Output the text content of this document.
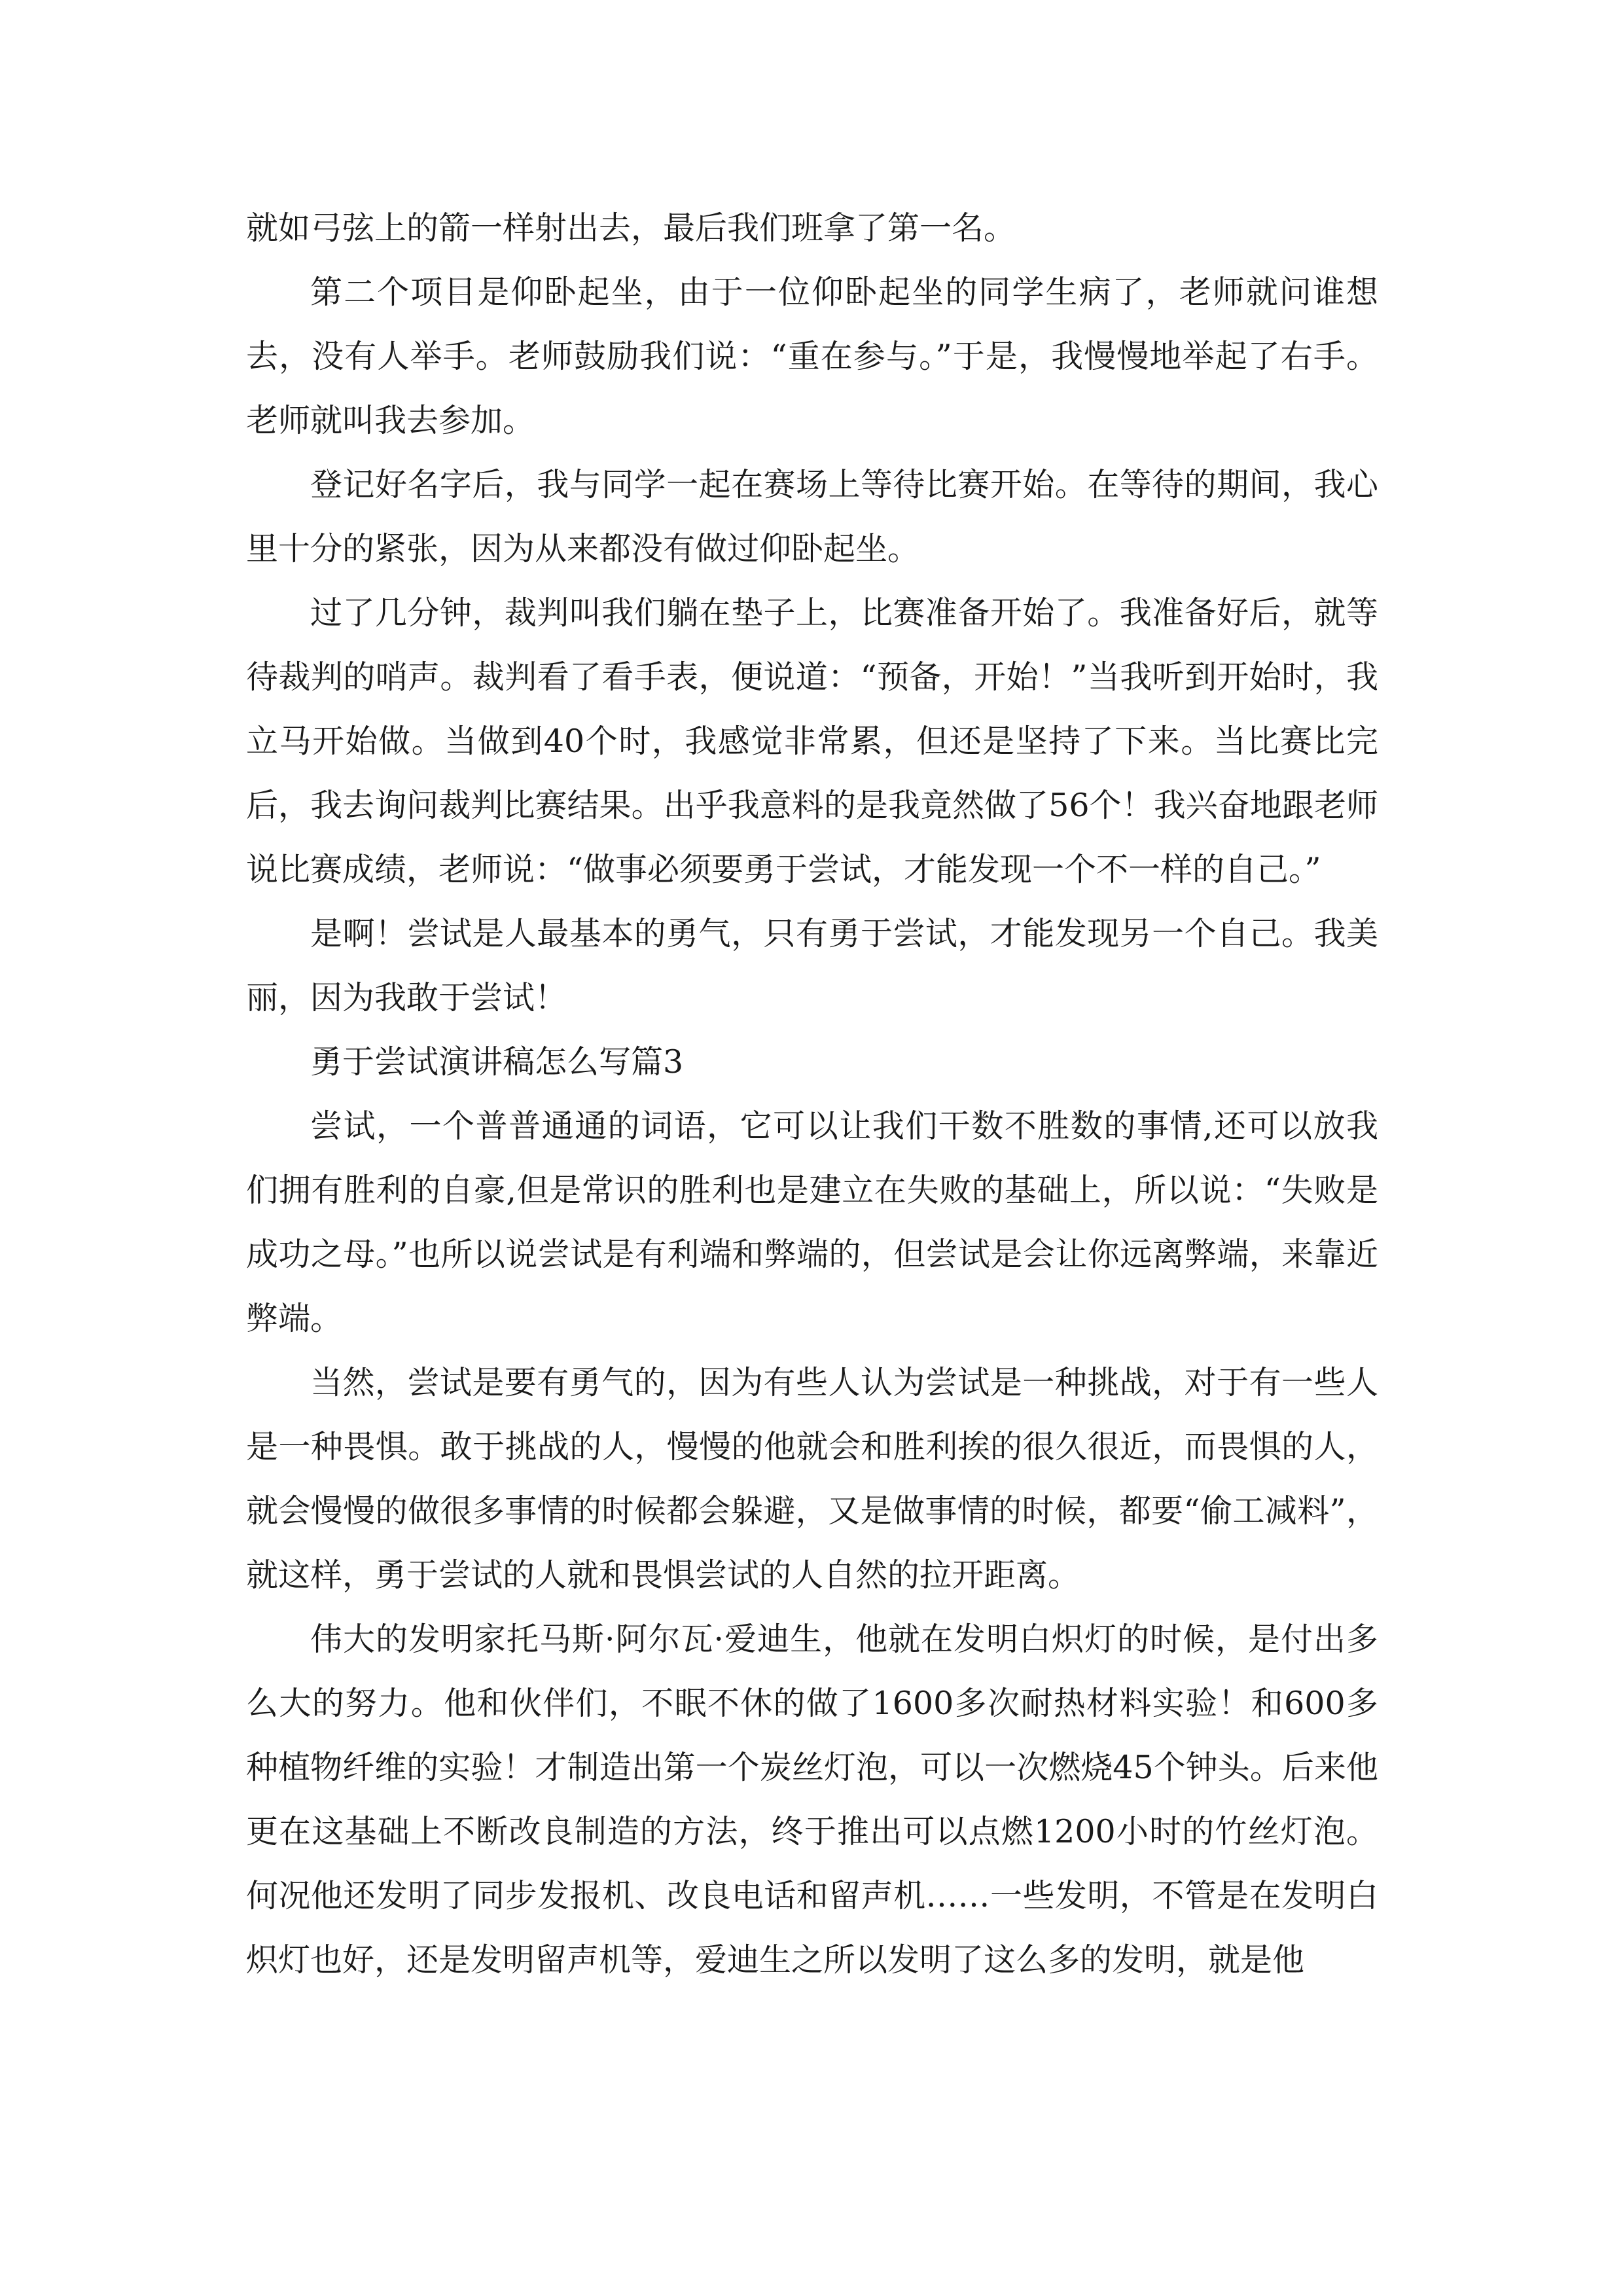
就如弓弦上的箭一样射出去，最后我们班拿了第一名。

第二个项目是仰卧起坐，由于一位仰卧起坐的同学生病了，老师就问谁想去，没有人举手。老师鼓励我们说：“重在参与。”于是，我慢慢地举起了右手。老师就叫我去参加。

登记好名字后，我与同学一起在赛场上等待比赛开始。在等待的期间，我心里十分的紧张，因为从来都没有做过仰卧起坐。

过了几分钟，裁判叫我们躺在垫子上，比赛准备开始了。我准备好后，就等待裁判的哨声。裁判看了看手表，便说道：“预备，开始！”当我听到开始时，我立马开始做。当做到40个时，我感觉非常累，但还是坚持了下来。当比赛比完后，我去询问裁判比赛结果。出乎我意料的是我竟然做了56个！我兴奋地跟老师说比赛成绩，老师说：“做事必须要勇于尝试，才能发现一个不一样的自己。”

是啊！尝试是人最基本的勇气，只有勇于尝试，才能发现另一个自己。我美丽，因为我敢于尝试！

勇于尝试演讲稿怎么写篇3

尝试，一个普普通通的词语，它可以让我们干数不胜数的事情,还可以放我们拥有胜利的自豪,但是常识的胜利也是建立在失败的基础上，所以说：“失败是成功之母。”也所以说尝试是有利端和弊端的，但尝试是会让你远离弊端，来靠近弊端。

当然，尝试是要有勇气的，因为有些人认为尝试是一种挑战，对于有一些人是一种畏惧。敢于挑战的人，慢慢的他就会和胜利挨的很久很近，而畏惧的人，就会慢慢的做很多事情的时候都会躲避，又是做事情的时候，都要“偷工减料”，就这样，勇于尝试的人就和畏惧尝试的人自然的拉开距离。

伟大的发明家托马斯·阿尔瓦·爱迪生，他就在发明白炽灯的时候，是付出多么大的努力。他和伙伴们，不眠不休的做了1600多次耐热材料实验！和600多种植物纤维的实验！才制造出第一个炭丝灯泡，可以一次燃烧45个钟头。后来他更在这基础上不断改良制造的方法，终于推出可以点燃1200小时的竹丝灯泡。何况他还发明了同步发报机、改良电话和留声机……一些发明，不管是在发明白炽灯也好，还是发明留声机等，爱迪生之所以发明了这么多的发明，就是他
